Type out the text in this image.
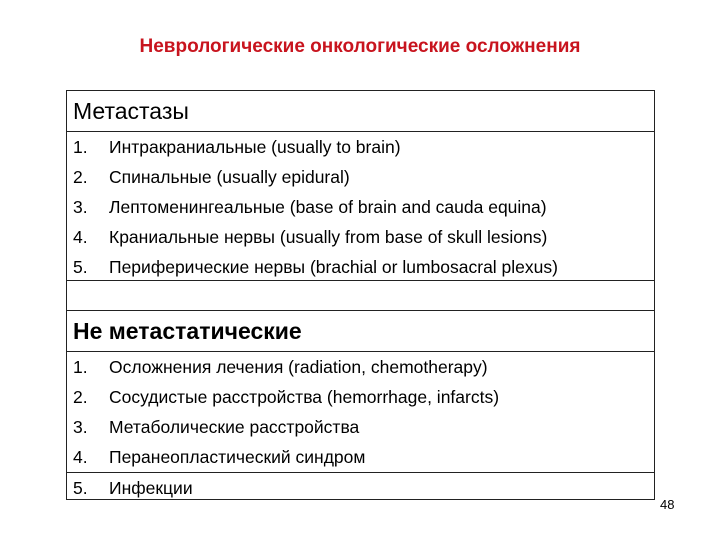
Неврологические онкологические осложнения
Метастазы
1. Интракраниальные (usually to brain)
2. Спинальные (usually epidural)
3. Лептоменингеальные (base of brain and cauda equina)
4. Краниальные нервы (usually from base of skull lesions)
5. Периферические нервы (brachial or lumbosacral plexus)
Не метастатические
1. Осложнения лечения (radiation, chemotherapy)
2. Сосудистые расстройства (hemorrhage, infarcts)
3. Метаболические расстройства
4. Перанеопластический синдром
5. Инфекции
48
